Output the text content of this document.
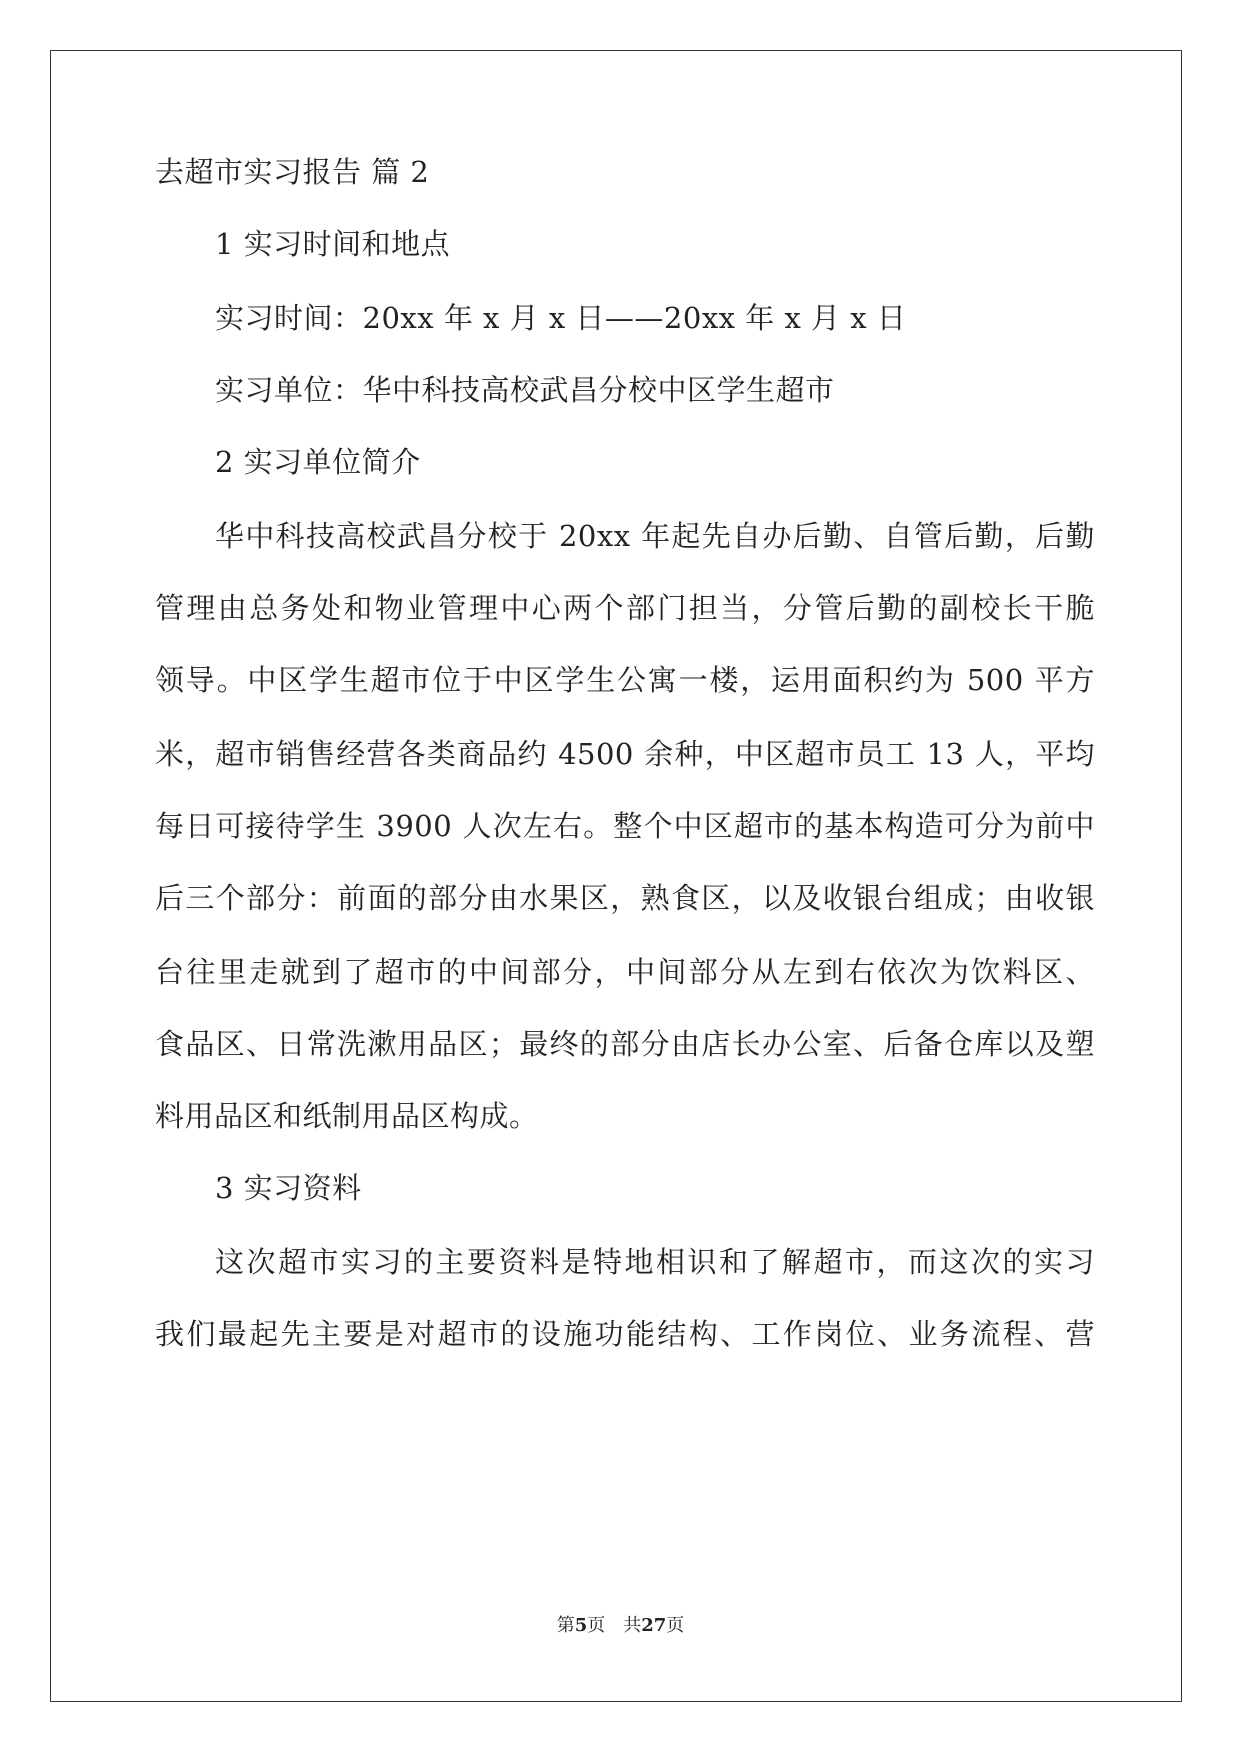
去超市实习报告 篇 2
1 实习时间和地点
实习时间：20xx 年 x 月 x 日——20xx 年 x 月 x 日
实习单位：华中科技高校武昌分校中区学生超市
2 实习单位简介
华中科技高校武昌分校于 20xx 年起先自办后勤、自管后勤，后勤
管理由总务处和物业管理中心两个部门担当，分管后勤的副校长干脆
领导。中区学生超市位于中区学生公寓一楼，运用面积约为 500 平方
米，超市销售经营各类商品约 4500 余种，中区超市员工 13 人，平均
每日可接待学生 3900 人次左右。整个中区超市的基本构造可分为前中
后三个部分：前面的部分由水果区，熟食区，以及收银台组成；由收银
台往里走就到了超市的中间部分，中间部分从左到右依次为饮料区、
食品区、日常洗漱用品区；最终的部分由店长办公室、后备仓库以及塑
料用品区和纸制用品区构成。
3 实习资料
这次超市实习的主要资料是特地相识和了解超市，而这次的实习
我们最起先主要是对超市的设施功能结构、工作岗位、业务流程、营
第5页　共27页
